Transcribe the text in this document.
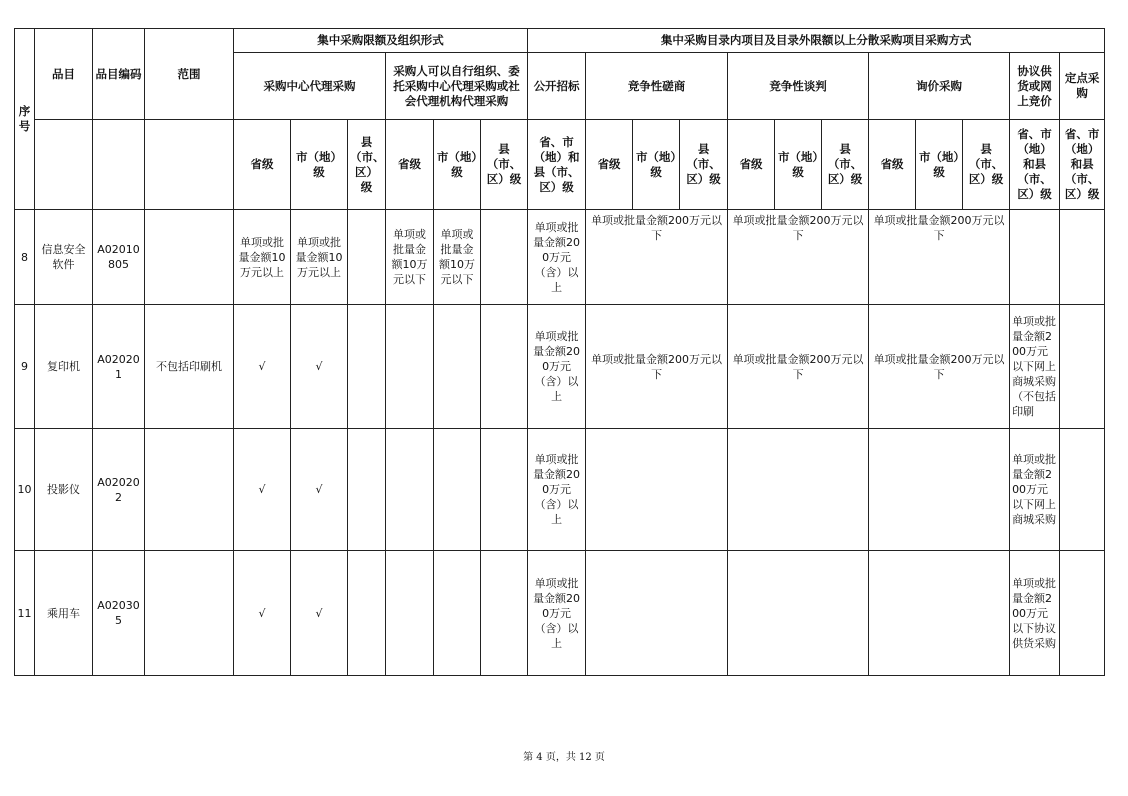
序号	品目	品目编码	范围	集中采购限额及组织形式						集中采购目录内项目及目录外限额以上分散采购项目采购方式											
				采购中心代理采购			采购人可以自行组织、委托采购中心代理采购或社会代理机构代理采购			公开招标	竞争性磋商			竞争性谈判			询价采购			协议供货或网上竞价	定点采购
				省级	市（地）级	县（市、区）级	省级	市（地）级	县（市、区）级	省、市（地）和县（市、区）级	省级	市（地）级	县（市、区）级	省级	市（地）级	县（市、区）级	省级	市（地）级	县（市、区）级	省、市（地）和县（市、区）级	省、市（地）和县（市、区）级
8	信息安全软件	A02010805		单项或批量金额10万元以上	单项或批量金额10万元以上		单项或批量金额10万元以下	单项或批量金额10万元以下		单项或批量金额200万元（含）以上	单项或批量金额200万元以下			单项或批量金额200万元以下			单项或批量金额200万元以下				
9	复印机	A020201	不包括印刷机	√	√					单项或批量金额200万元（含）以上	单项或批量金额200万元以下			单项或批量金额200万元以下			单项或批量金额200万元以下			单项或批量金额200万元以下网上商城采购（不包括印刷	
10	投影仪	A020202		√	√					单项或批量金额200万元（含）以上										单项或批量金额200万元以下网上商城采购	
11	乘用车	A020305		√	√					单项或批量金额200万元（含）以上										单项或批量金额200万元以下协议供货采购	
第 4 页，共 12 页
